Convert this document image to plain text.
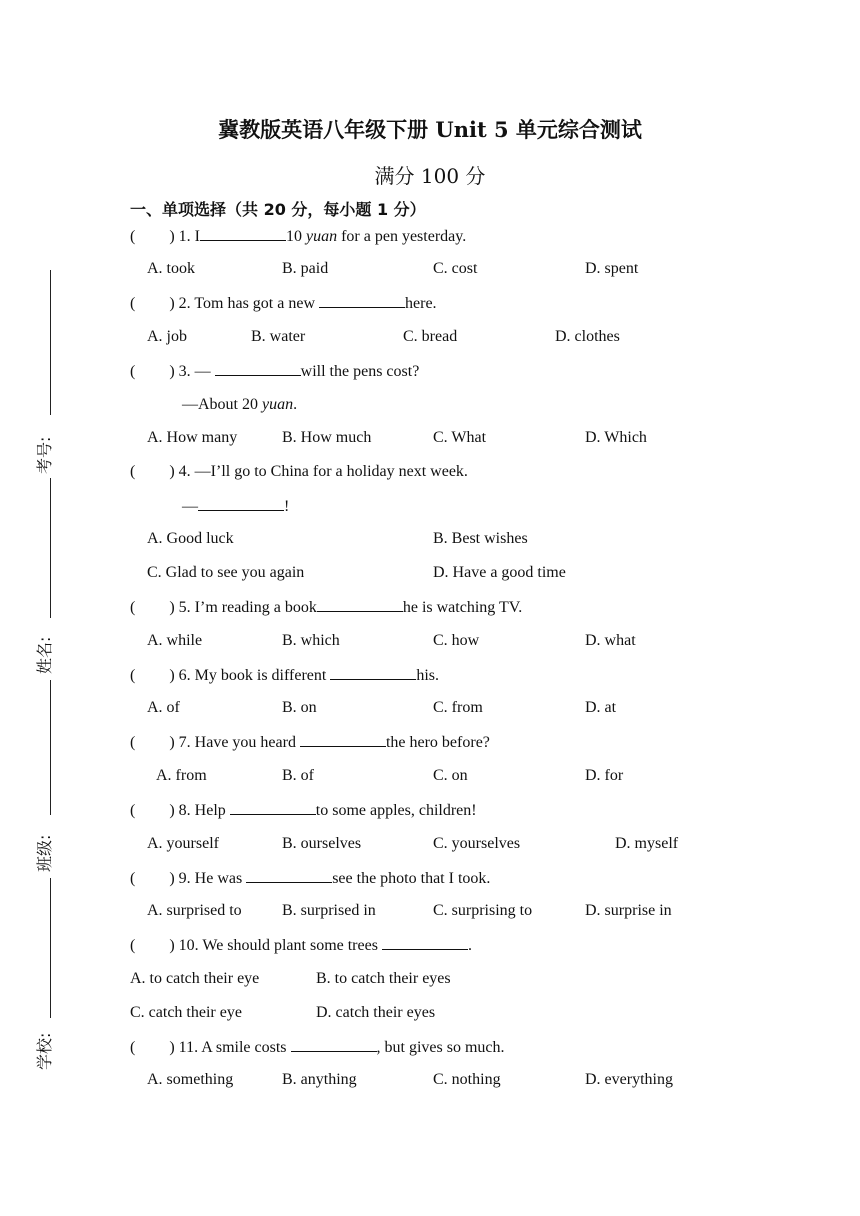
考号:
姓名:
班级:
学校:
冀教版英语八年级下册 Unit 5 单元综合测试
满分 100 分
一、单项选择（共 20 分，每小题 1 分）
( ) 1. I	10 yuan for a pen yesterday.
A. took	B. paid	C. cost	D. spent
( ) 2. Tom has got a new	here.
A. job	B. water	C. bread	D. clothes
( ) 3. —	will the pens cost?
—About 20 yuan.
A. How many	B. How much	C. What	D. Which
( ) 4. —I’ll go to China for a holiday next week.
—	!
A. Good luck	B. Best wishes
C. Glad to see you again	D. Have a good time
( ) 5. I’m reading a book	he is watching TV.
A. while	B. which	C. how	D. what
( ) 6. My book is different	his.
A. of	B. on	C. from	D. at
( ) 7. Have you heard	the hero before?
A. from	B. of	C. on	D. for
( ) 8. Help	to some apples, children!
A. yourself	B. ourselves	C. yourselves	D. myself
( ) 9. He was	see the photo that I took.
A. surprised to	B. surprised in	C. surprising to	D. surprise in
( ) 10. We should plant some trees	.
A. to catch their eye	B. to catch their eyes
C. catch their eye	D. catch their eyes
( ) 11. A smile costs	, but gives so much.
A. something	B. anything	C. nothing	D. everything
